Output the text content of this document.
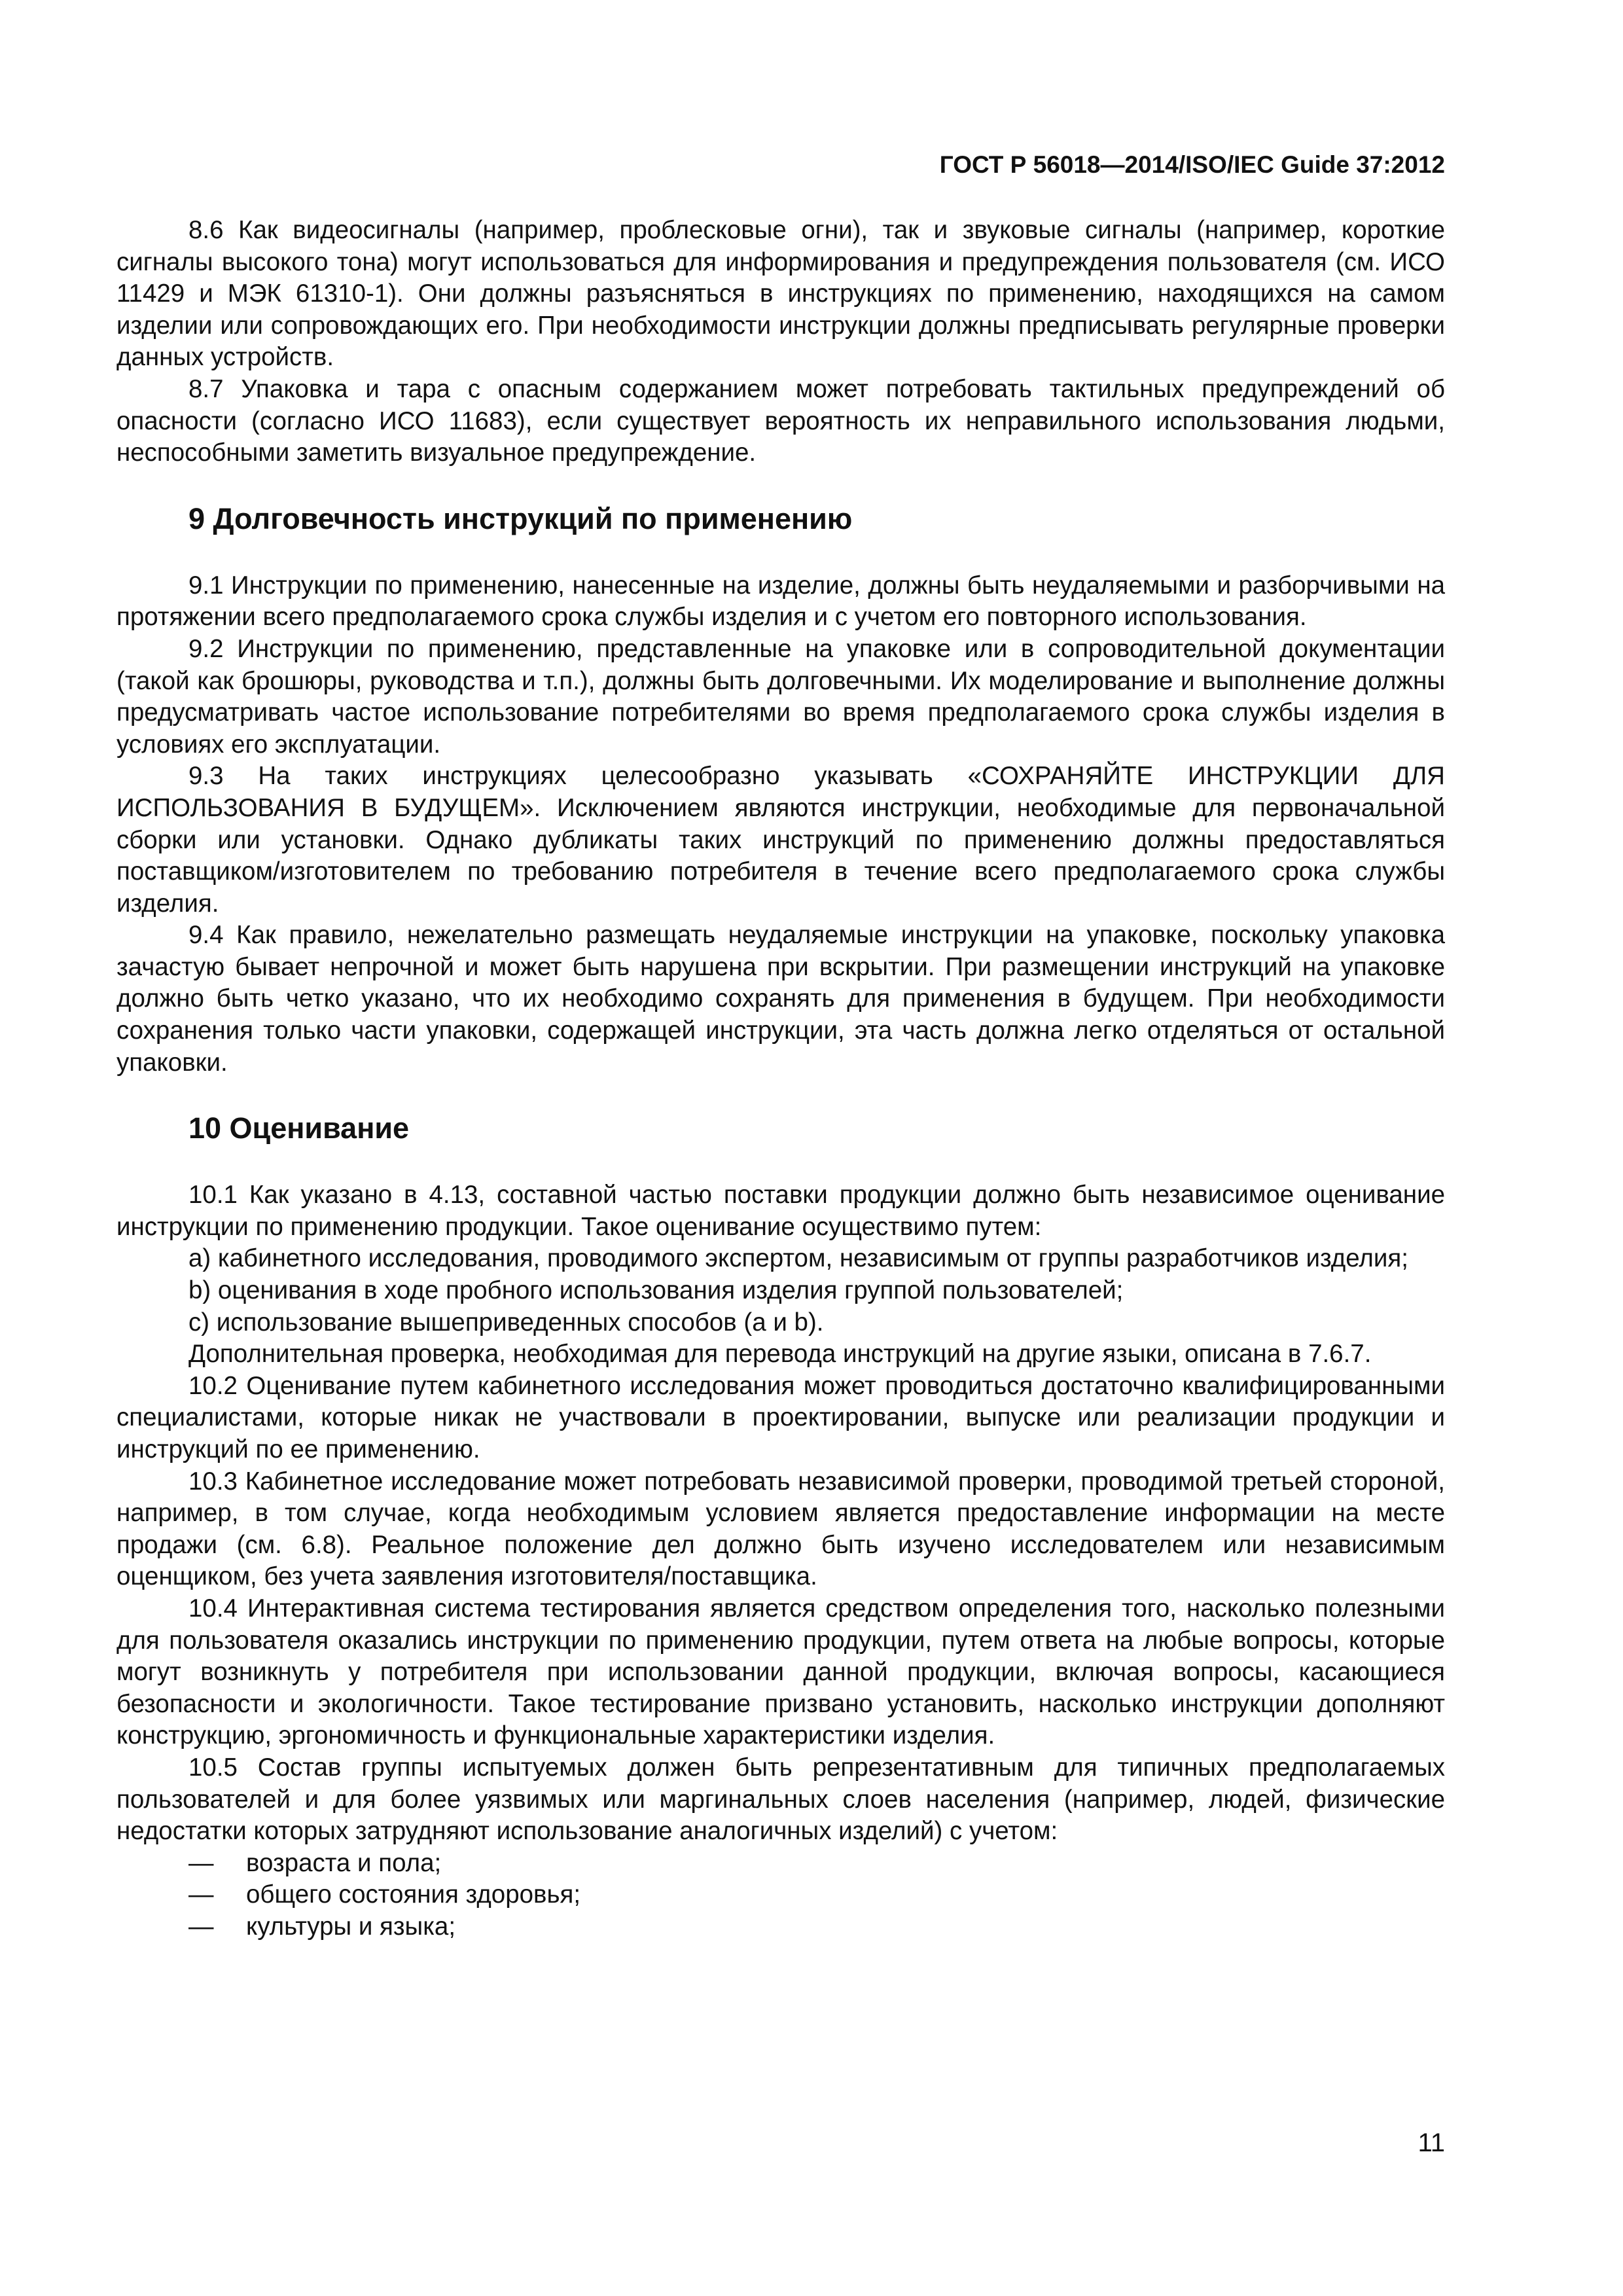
ГОСТ Р 56018—2014/ISO/IEC Guide 37:2012

8.6 Как видеосигналы (например, проблесковые огни), так и звуковые сигналы (например, короткие сигналы высокого тона) могут использоваться для информирования и предупреждения пользователя (см. ИСО 11429 и МЭК 61310-1). Они должны разъясняться в инструкциях по применению, находящихся на самом изделии или сопровождающих его. При необходимости инструкции должны предписывать регулярные проверки данных устройств.

8.7 Упаковка и тара с опасным содержанием может потребовать тактильных предупреждений об опасности (согласно ИСО 11683), если существует вероятность их неправильного использования людьми, неспособными заметить визуальное предупреждение.

9 Долговечность инструкций по применению

9.1 Инструкции по применению, нанесенные на изделие, должны быть неудаляемыми и разборчивыми на протяжении всего предполагаемого срока службы изделия и с учетом его повторного использования.

9.2 Инструкции по применению, представленные на упаковке или в сопроводительной документации (такой как брошюры, руководства и т.п.), должны быть долговечными. Их моделирование и выполнение должны предусматривать частое использование потребителями во время предполагаемого срока службы изделия в условиях его эксплуатации.

9.3 На таких инструкциях целесообразно указывать «СОХРАНЯЙТЕ ИНСТРУКЦИИ ДЛЯ ИСПОЛЬЗОВАНИЯ В БУДУЩЕМ». Исключением являются инструкции, необходимые для первоначальной сборки или установки. Однако дубликаты таких инструкций по применению должны предоставляться поставщиком/изготовителем по требованию потребителя в течение всего предполагаемого срока службы изделия.

9.4 Как правило, нежелательно размещать неудаляемые инструкции на упаковке, поскольку упаковка зачастую бывает непрочной и может быть нарушена при вскрытии. При размещении инструкций на упаковке должно быть четко указано, что их необходимо сохранять для применения в будущем. При необходимости сохранения только части упаковки, содержащей инструкции, эта часть должна легко отделяться от остальной упаковки.

10 Оценивание

10.1 Как указано в 4.13, составной частью поставки продукции должно быть независимое оценивание инструкции по применению продукции. Такое оценивание осуществимо путем:

a) кабинетного исследования, проводимого экспертом, независимым от группы разработчиков изделия;

b) оценивания в ходе пробного использования изделия группой пользователей;

c) использование вышеприведенных способов (a и b).

Дополнительная проверка, необходимая для перевода инструкций на другие языки, описана в 7.6.7.

10.2 Оценивание путем кабинетного исследования может проводиться достаточно квалифицированными специалистами, которые никак не участвовали в проектировании, выпуске или реализации продукции и инструкций по ее применению.

10.3 Кабинетное исследование может потребовать независимой проверки, проводимой третьей стороной, например, в том случае, когда необходимым условием является предоставление информации на месте продажи (см. 6.8). Реальное положение дел должно быть изучено исследователем или независимым оценщиком, без учета заявления изготовителя/поставщика.

10.4 Интерактивная система тестирования является средством определения того, насколько полезными для пользователя оказались инструкции по применению продукции, путем ответа на любые вопросы, которые могут возникнуть у потребителя при использовании данной продукции, включая вопросы, касающиеся безопасности и экологичности. Такое тестирование призвано установить, насколько инструкции дополняют конструкцию, эргономичность и функциональные характеристики изделия.

10.5 Состав группы испытуемых должен быть репрезентативным для типичных предполагаемых пользователей и для более уязвимых или маргинальных слоев населения (например, людей, физические недостатки которых затрудняют использование аналогичных изделий) с учетом:

— возраста и пола;
— общего состояния здоровья;
— культуры и языка;
11
